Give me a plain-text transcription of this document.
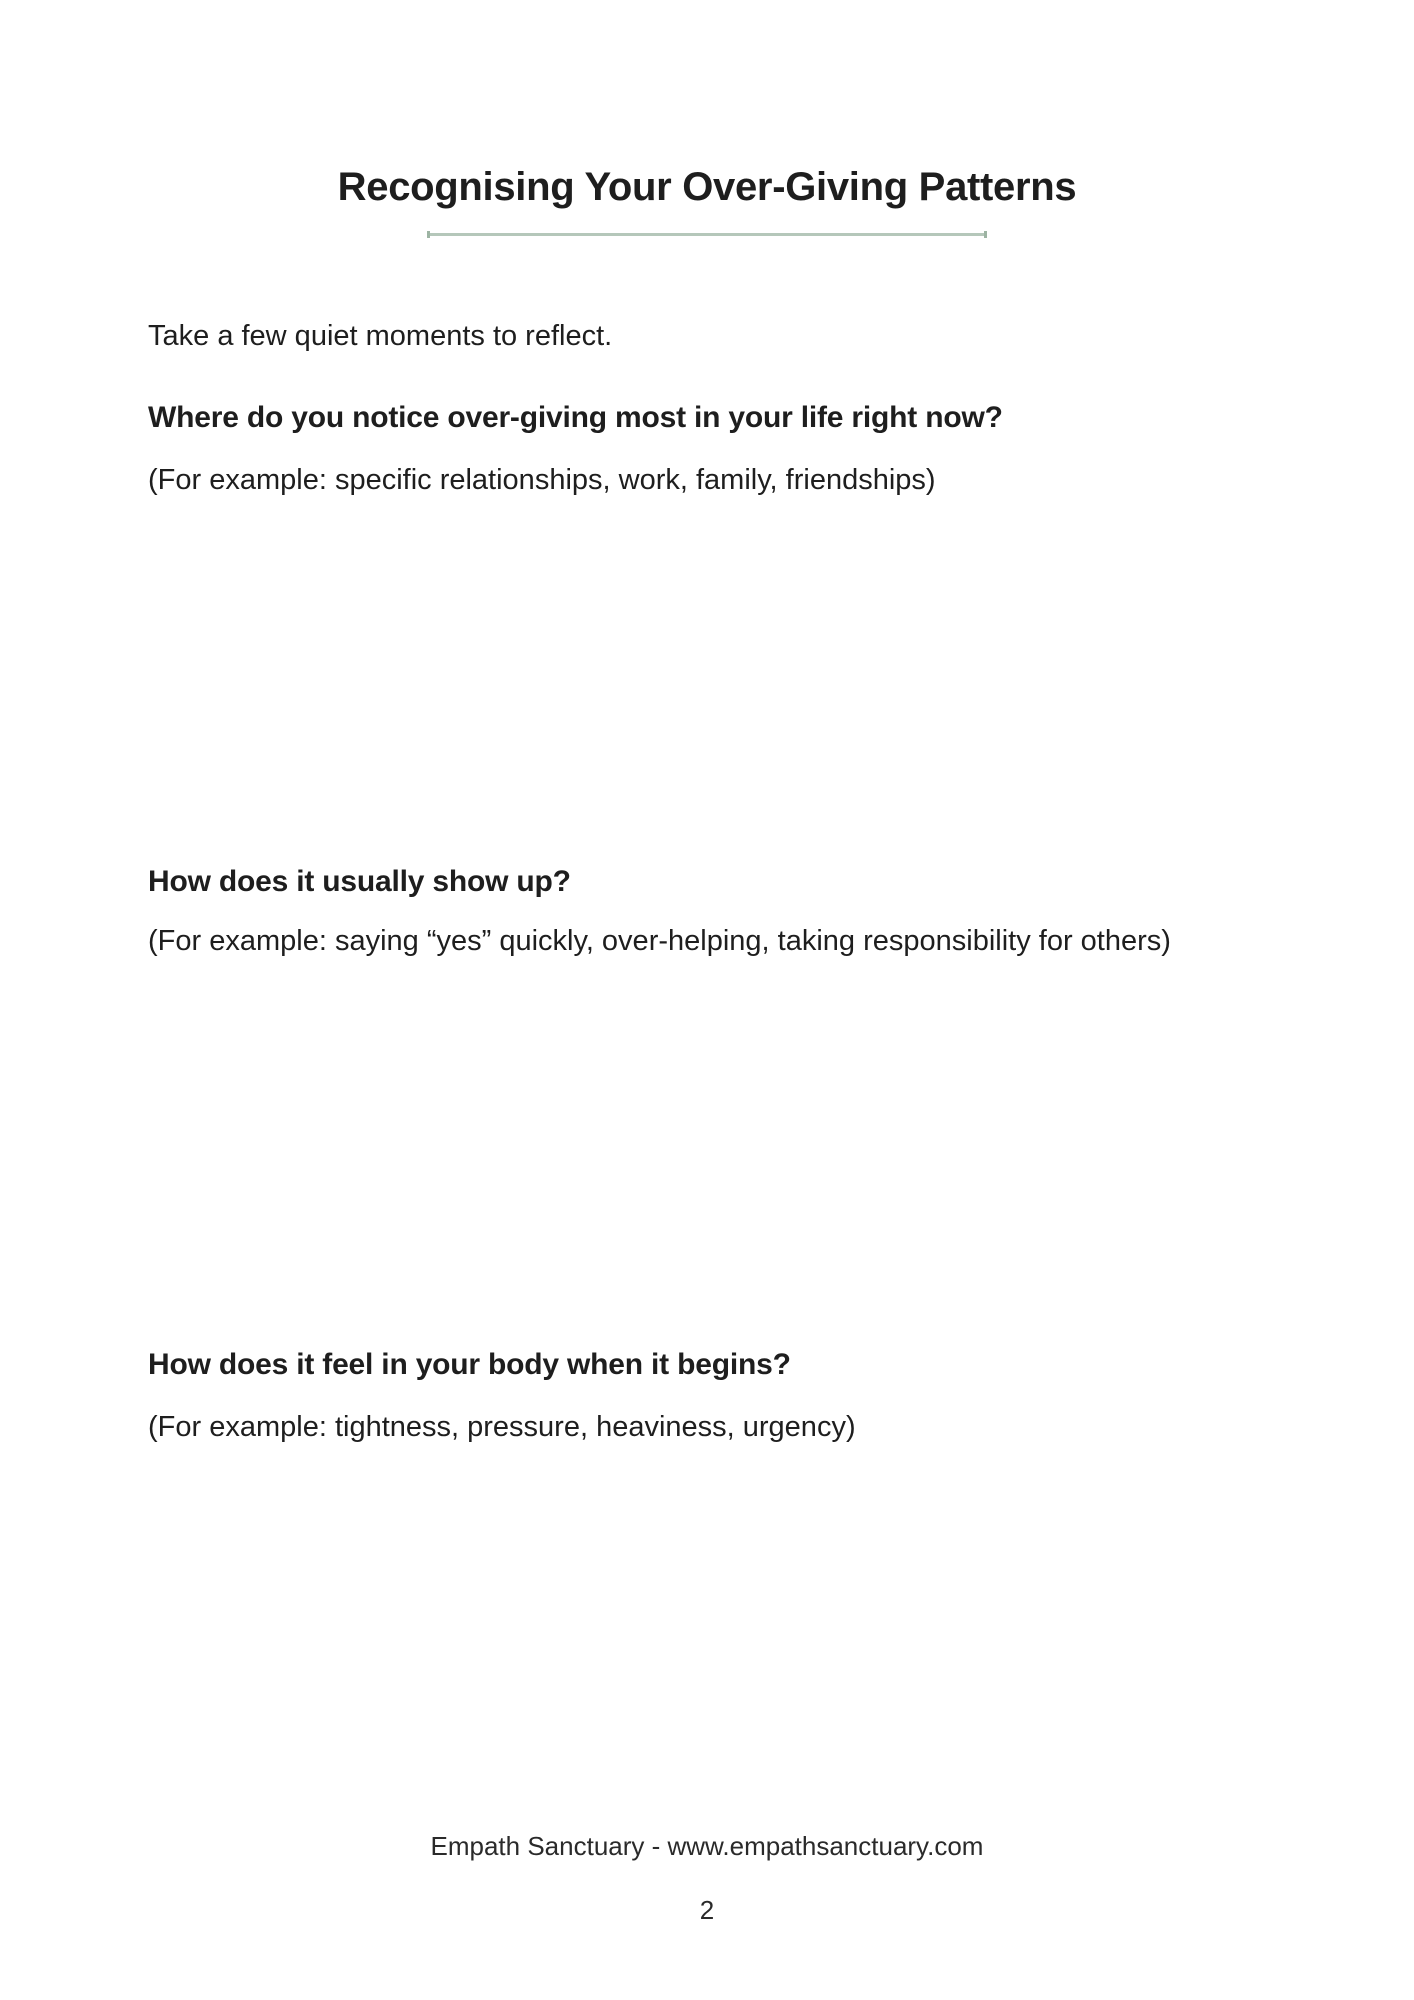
Recognising Your Over-Giving Patterns

Take a few quiet moments to reflect.

Where do you notice over-giving most in your life right now?

(For example: specific relationships, work, family, friendships)

How does it usually show up?

(For example: saying “yes” quickly, over-helping, taking responsibility for others)

How does it feel in your body when it begins?

(For example: tightness, pressure, heaviness, urgency)

Empath Sanctuary - www.empathsanctuary.com
2
